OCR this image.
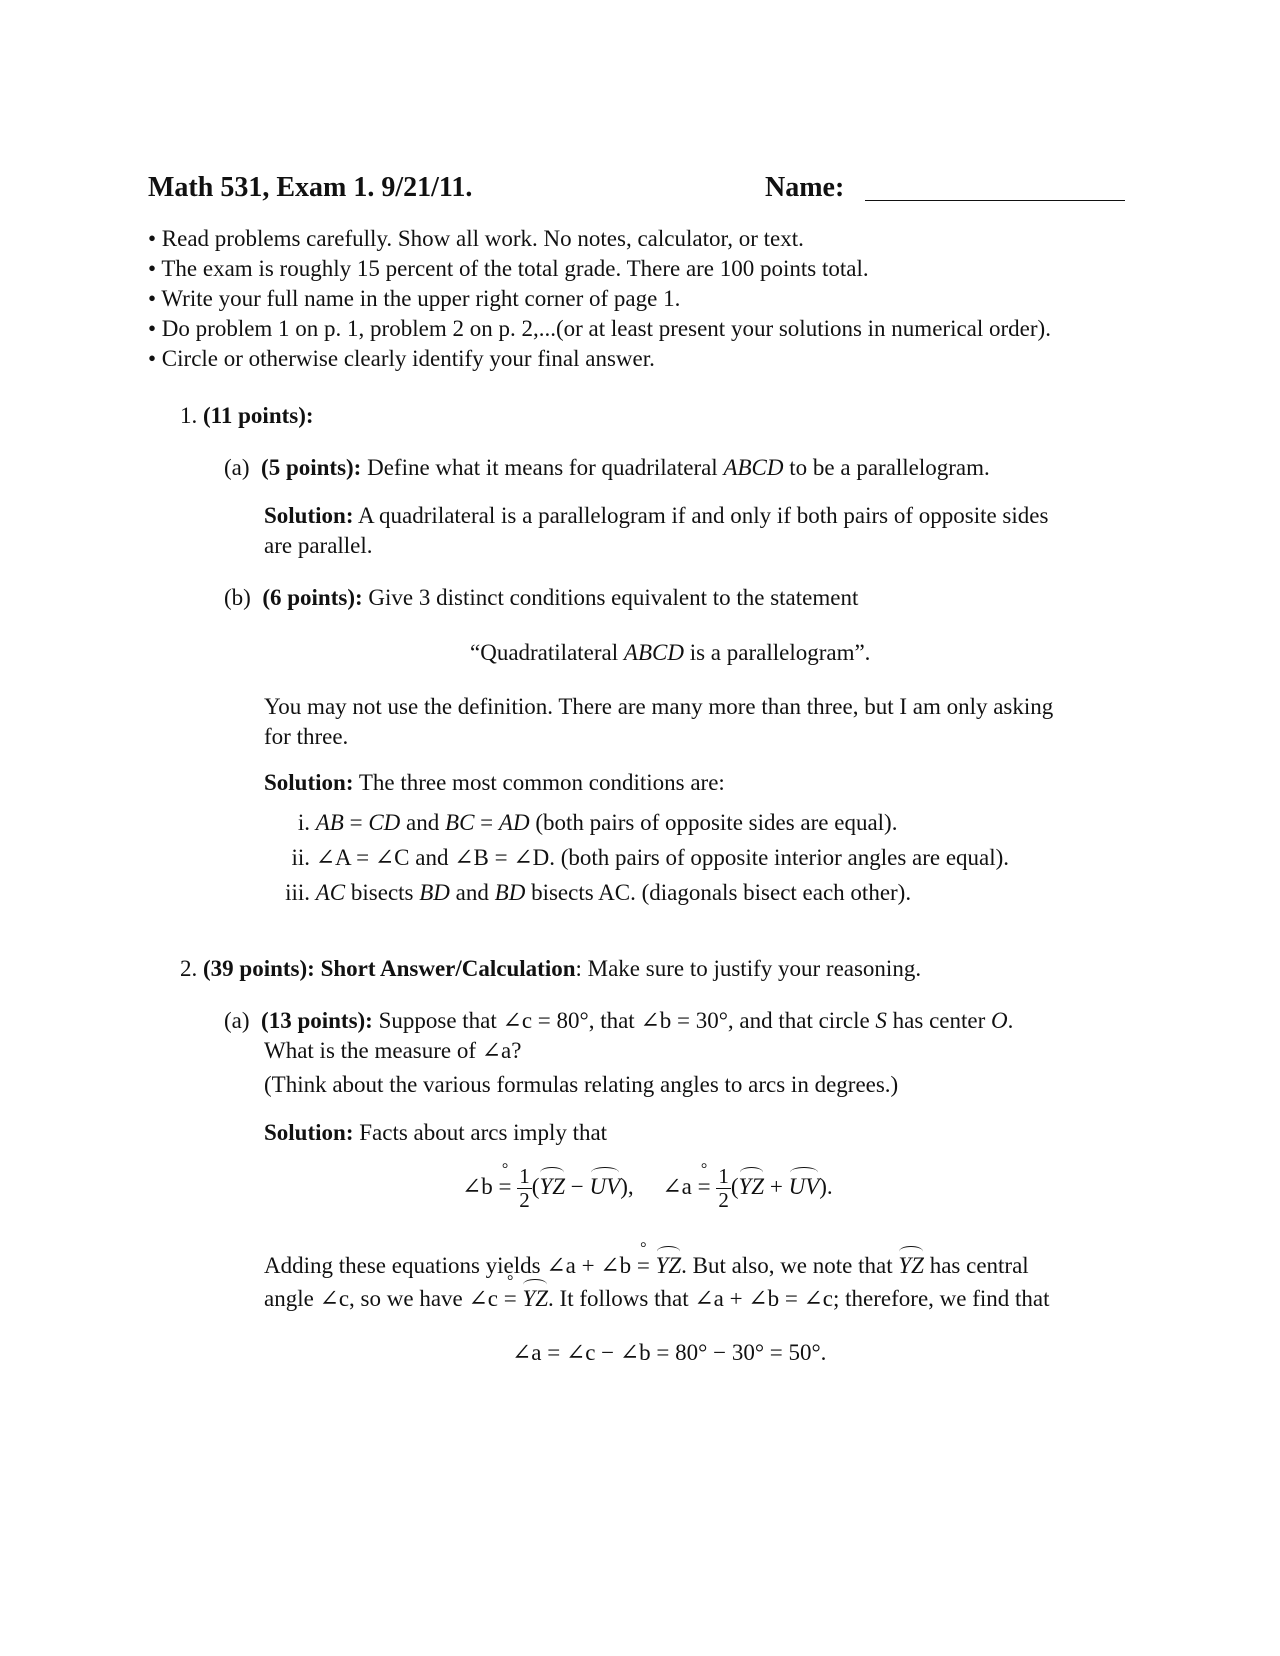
Math 531, Exam 1. 9/21/11.	Name:
• Read problems carefully. Show all work. No notes, calculator, or text.
• The exam is roughly 15 percent of the total grade. There are 100 points total.
• Write your full name in the upper right corner of page 1.
• Do problem 1 on p. 1, problem 2 on p. 2,...(or at least present your solutions in numerical order).
• Circle or otherwise clearly identify your final answer.
1. (11 points):
(a) (5 points): Define what it means for quadrilateral ABCD to be a parallelogram.
Solution: A quadrilateral is a parallelogram if and only if both pairs of opposite sides
are parallel.
(b) (6 points): Give 3 distinct conditions equivalent to the statement
“Quadratilateral ABCD is a parallelogram”.
You may not use the definition. There are many more than three, but I am only asking
for three.
Solution: The three most common conditions are:
i. AB = CD and BC = AD (both pairs of opposite sides are equal).
ii. ∠A = ∠C and ∠B = ∠D. (both pairs of opposite interior angles are equal).
iii. AC bisects BD and BD bisects AC. (diagonals bisect each other).
2. (39 points): Short Answer/Calculation: Make sure to justify your reasoning.
(a) (13 points): Suppose that ∠c = 80°, that ∠b = 30°, and that circle S has center O.
What is the measure of ∠a?
(Think about the various formulas relating angles to arcs in degrees.)
Solution: Facts about arcs imply that
∠b ° = $\frac{1}{2} (YZ - UV)$,     ∠a ° = $\frac{1}{2} (YZ + UV)$.
Adding these equations yields ∠a + ∠b ° = YZ. But also, we note that YZ has central
angle ∠c, so we have ∠c ° = YZ. It follows that ∠a + ∠b = ∠c; therefore, we find that
∠a = ∠c − ∠b = 80° − 30° = 50°.
